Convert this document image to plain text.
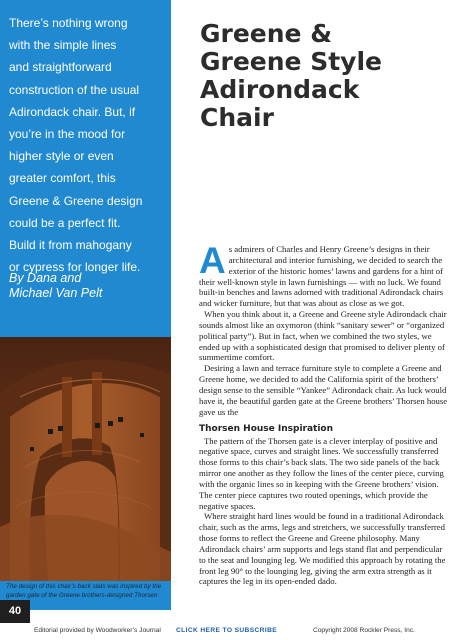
There’s nothing wrong
with the simple lines
and straightforward
construction of the usual
Adirondack chair. But, if
you’re in the mood for
higher style or even
greater comfort, this
Greene & Greene design
could be a perfect fit.
Build it from mahogany
or cypress for longer life.
By Dana and
Michael Van Pelt
The design of this chair’s back slats was inspired by the garden gate of the Greene brothers-designed Thorsen
40
Greene &
Greene Style
Adirondack
Chair

As admirers of Charles and Henry Greene’s designs in their architectural and interior furnishing, we decided to search the exterior of the historic homes’ lawns and gardens for a hint of their well-known style in lawn furnishings — with no luck. We found built-in benches and lawns adorned with traditional Adirondack chairs and wicker furniture, but that was about as close as we got.

When you think about it, a Greene and Greene style Adirondack chair sounds almost like an oxymoron (think “sanitary sewer” or “organized political party”). But in fact, when we combined the two styles, we ended up with a sophisticated design that promised to deliver plenty of summertime comfort.

Desiring a lawn and terrace furniture style to complete a Greene and Greene home, we decided to add the California spirit of the brothers’ design sense to the sensible “Yankee” Adirondack chair. As luck would have it, the beautiful garden gate at the Greene brothers’ Thorsen house gave us the

Thorsen House Inspiration

The pattern of the Thorsen gate is a clever interplay of positive and negative space, curves and straight lines. We successfully transferred those forms to this chair’s back slats. The two side panels of the back mirror one another as they follow the lines of the center piece, curving with the organic lines so in keeping with the Greene brothers’ vision. The center piece captures two routed openings, which provide the negative spaces.

Where straight hard lines would be found in a traditional Adirondack chair, such as the arms, legs and stretchers, we successfully transferred those forms to reflect the Greene and Greene philosophy. Many Adirondack chairs’ arm supports and legs stand flat and perpendicular to the seat and lounging leg. We modified this approach by rotating the front leg 90° to the lounging leg, giving the arm extra strength as it captures the leg in its open-ended dado.

Editorial provided by Woodworker’s Journal CLICK HERE TO SUBSCRIBE	Copyright 2008 Rockler Press, Inc.
